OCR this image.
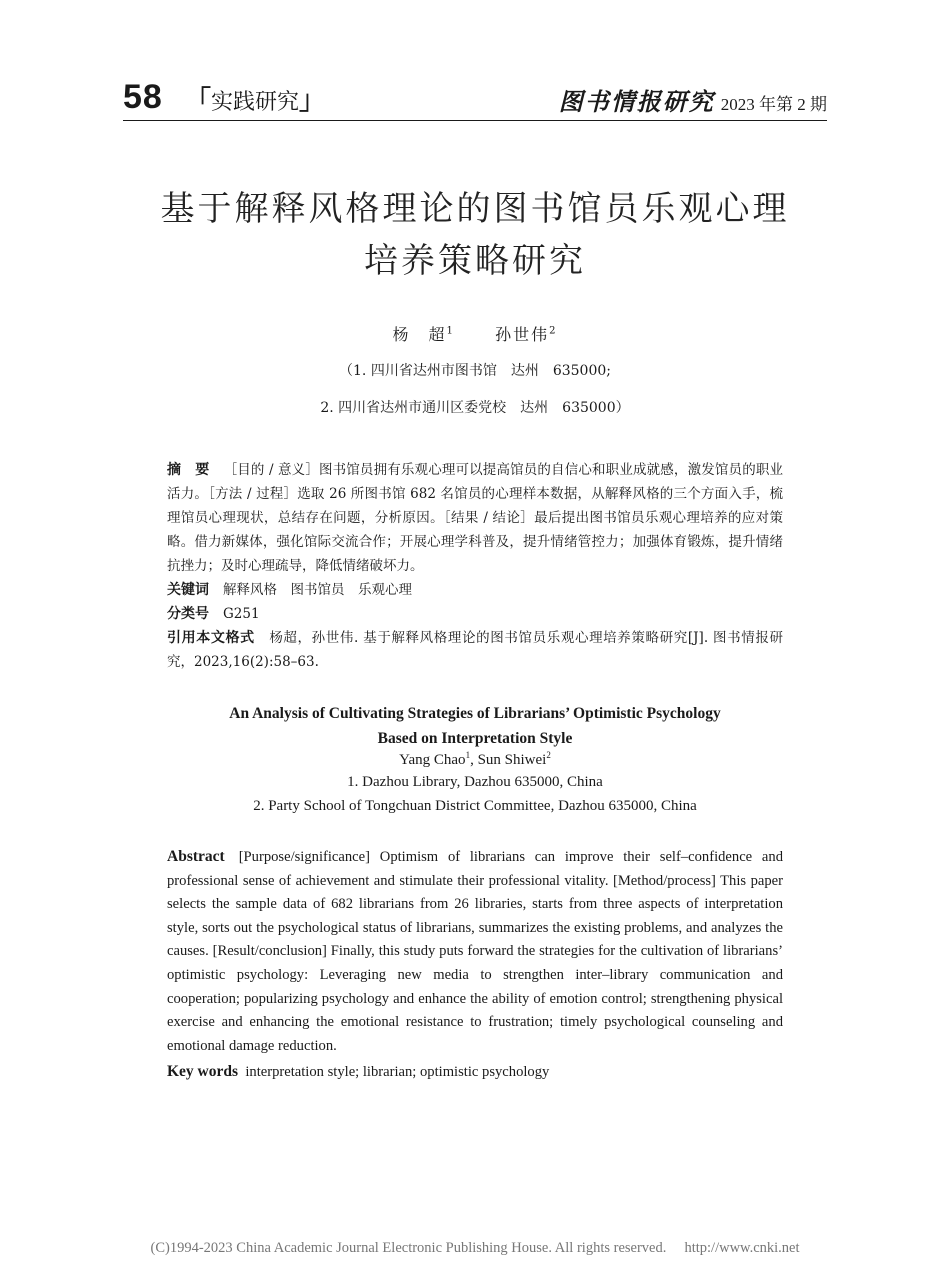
58 「实践研究」	图书情报研究 2023 年第 2 期
基于解释风格理论的图书馆员乐观心理
培养策略研究
杨　超$^1$	孙世伟$^2$
（1. 四川省达州市图书馆　达州　635000;
2. 四川省达州市通川区委党校　达州　635000）
摘　要 ［目的 / 意义］图书馆员拥有乐观心理可以提高馆员的自信心和职业成就感，激发馆员的职业活力。［方法 / 过程］选取 26 所图书馆 682 名馆员的心理样本数据，从解释风格的三个方面入手，梳理馆员心理现状，总结存在问题，分析原因。［结果 / 结论］最后提出图书馆员乐观心理培养的应对策略。借力新媒体，强化馆际交流合作；开展心理学科普及，提升情绪管控力；加强体育锻炼，提升情绪抗挫力；及时心理疏导，降低情绪破坏力。
关键词 解释风格　图书馆员　乐观心理
分类号 G251
引用本文格式 杨超，孙世伟. 基于解释风格理论的图书馆员乐观心理培养策略研究[J]. 图书情报研究，2023,16(2):58–63.
An Analysis of Cultivating Strategies of Librarians’ Optimistic Psychology
Based on Interpretation Style
Yang Chao$^1$, Sun Shiwei$^2$
1. Dazhou Library, Dazhou 635000, China
2. Party School of Tongchuan District Committee, Dazhou 635000, China
Abstract [Purpose/significance] Optimism of librarians can improve their self–confidence and professional sense of achievement and stimulate their professional vitality. [Method/process] This paper selects the sample data of 682 librarians from 26 libraries, starts from three aspects of interpretation style, sorts out the psychological status of librarians, summarizes the existing problems, and analyzes the causes. [Result/conclusion] Finally, this study puts forward the strategies for the cultivation of librarians’ optimistic psychology: Leveraging new media to strengthen inter–library communication and cooperation; popularizing psychology and enhance the ability of emotion control; strengthening physical exercise and enhancing the emotional resistance to frustration; timely psychological counseling and emotional damage reduction.
Key words interpretation style; librarian; optimistic psychology
(C)1994-2023 China Academic Journal Electronic Publishing House. All rights reserved.　 http://www.cnki.net
